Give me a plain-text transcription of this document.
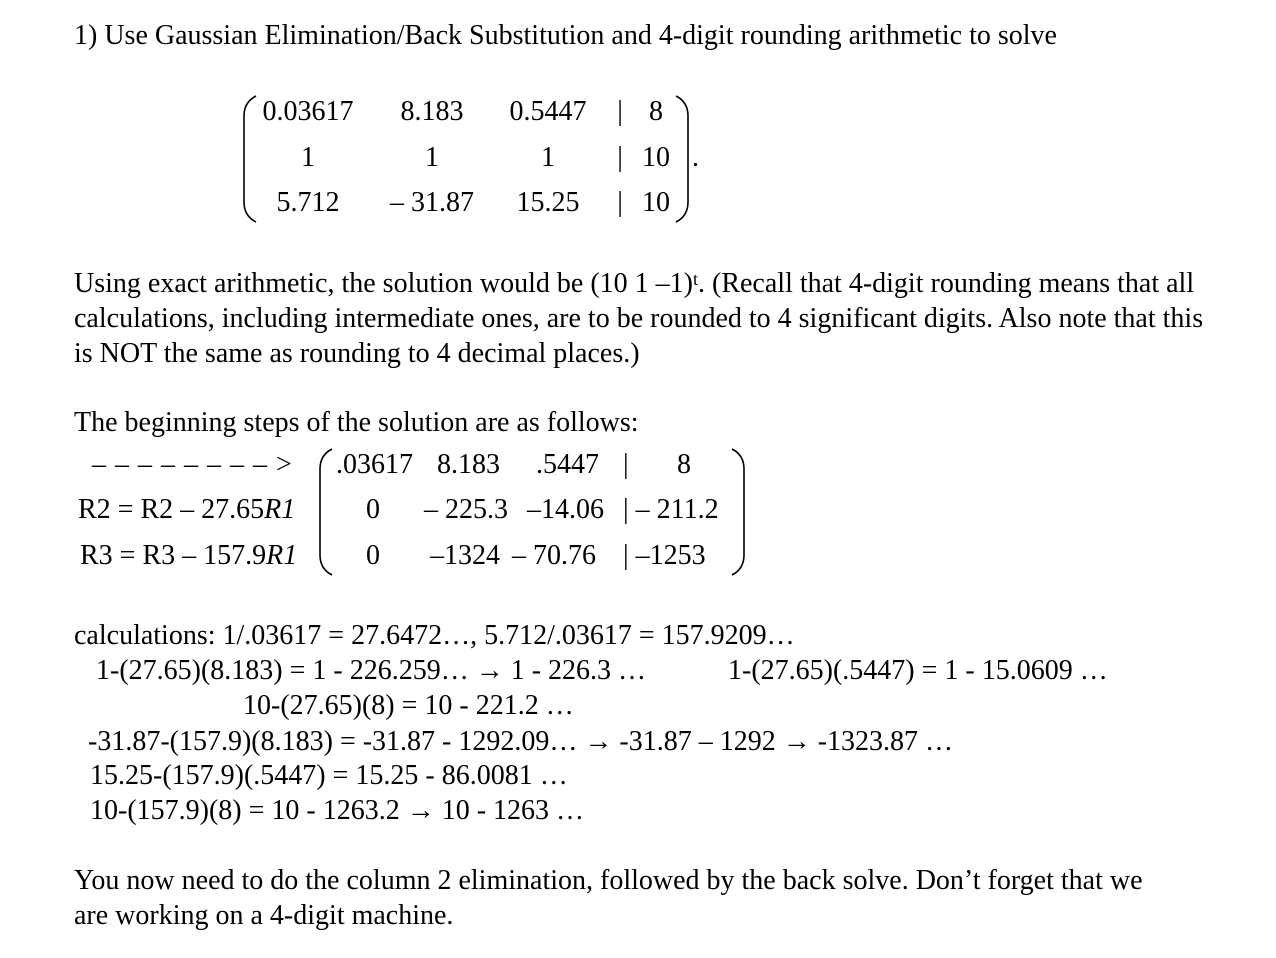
1) Use Gaussian Elimination/Back Substitution and 4-digit rounding arithmetic to solve
0.03617 8.183 0.5447 | 8
1	1	1 | 10 .
5.712 – 31.87 15.25 | 10
Using exact arithmetic, the solution would be (10 1 –1)$^t$. (Recall that 4-digit rounding means that all calculations, including intermediate ones, are to be rounded to 4 significant digits. Also note that this is NOT the same as rounding to 4 decimal places.)
The beginning steps of the solution are as follows:
– – – – – – – – >
R2 = R2 – 27.65R1
R3 = R3 – 157.9R1
.03617 8.183 .5447 | 8
0 – 225.3 –14.06 | – 211.2
0 –1324 – 70.76 | –1253
calculations: 1/.03617 = 27.6472…, 5.712/.03617 = 157.9209…
1-(27.65)(8.183) = 1 - 226.259… → 1 - 226.3 …	1-(27.65)(.5447) = 1 - 15.0609 …
10-(27.65)(8) = 10 - 221.2 …
-31.87-(157.9)(8.183) = -31.87 - 1292.09… → -31.87 – 1292 → -1323.87 …
15.25-(157.9)(.5447) = 15.25 - 86.0081 …
10-(157.9)(8) = 10 - 1263.2 → 10 - 1263 …
You now need to do the column 2 elimination, followed by the back solve. Don’t forget that we are working on a 4-digit machine.
